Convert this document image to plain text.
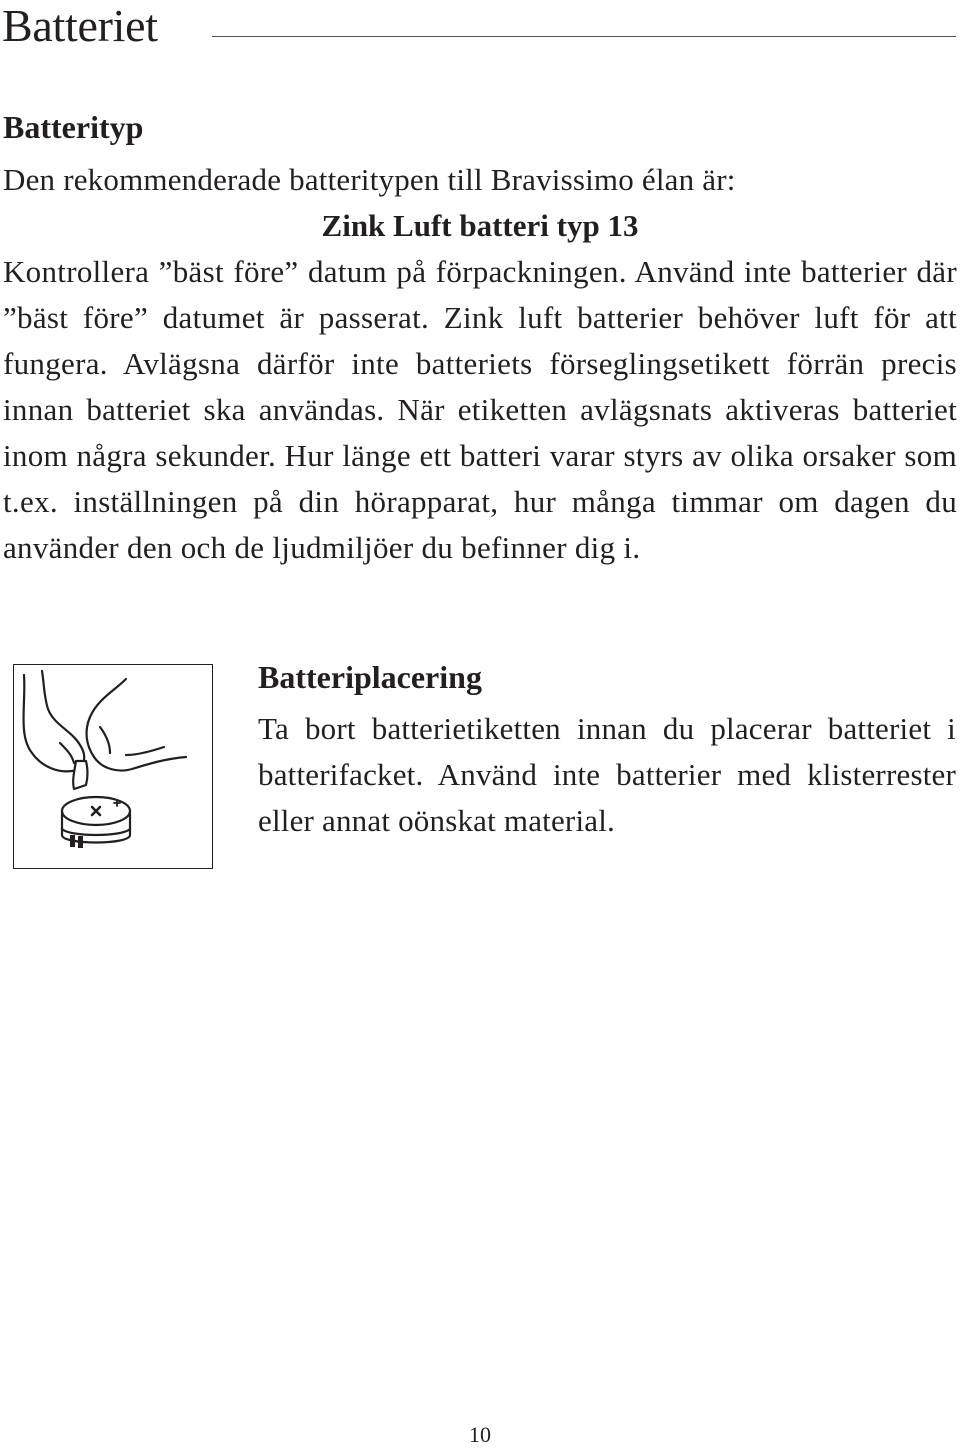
Batteriet
Batterityp

Den rekommenderade batteritypen till Bravissimo élan är:

Zink Luft batteri typ 13

Kontrollera ”bäst före” datum på förpackningen. Använd inte batterier där ”bäst före” datumet är passerat. Zink luft batterier behöver luft för att fungera. Avlägsna därför inte batteriets förseglingsetikett förrän precis innan batteriet ska användas. När etiketten avlägsnats aktiveras batteriet inom några sekunder. Hur länge ett batteri varar styrs av olika orsaker som t.ex. inställningen på din hörapparat, hur många timmar om dagen du använder den och de ljudmiljöer du befinner dig i.

Batteriplacering

Ta bort batterietiketten innan du placerar batteriet i batterifacket. Använd inte batterier med klisterrester eller annat oönskat material.

10
